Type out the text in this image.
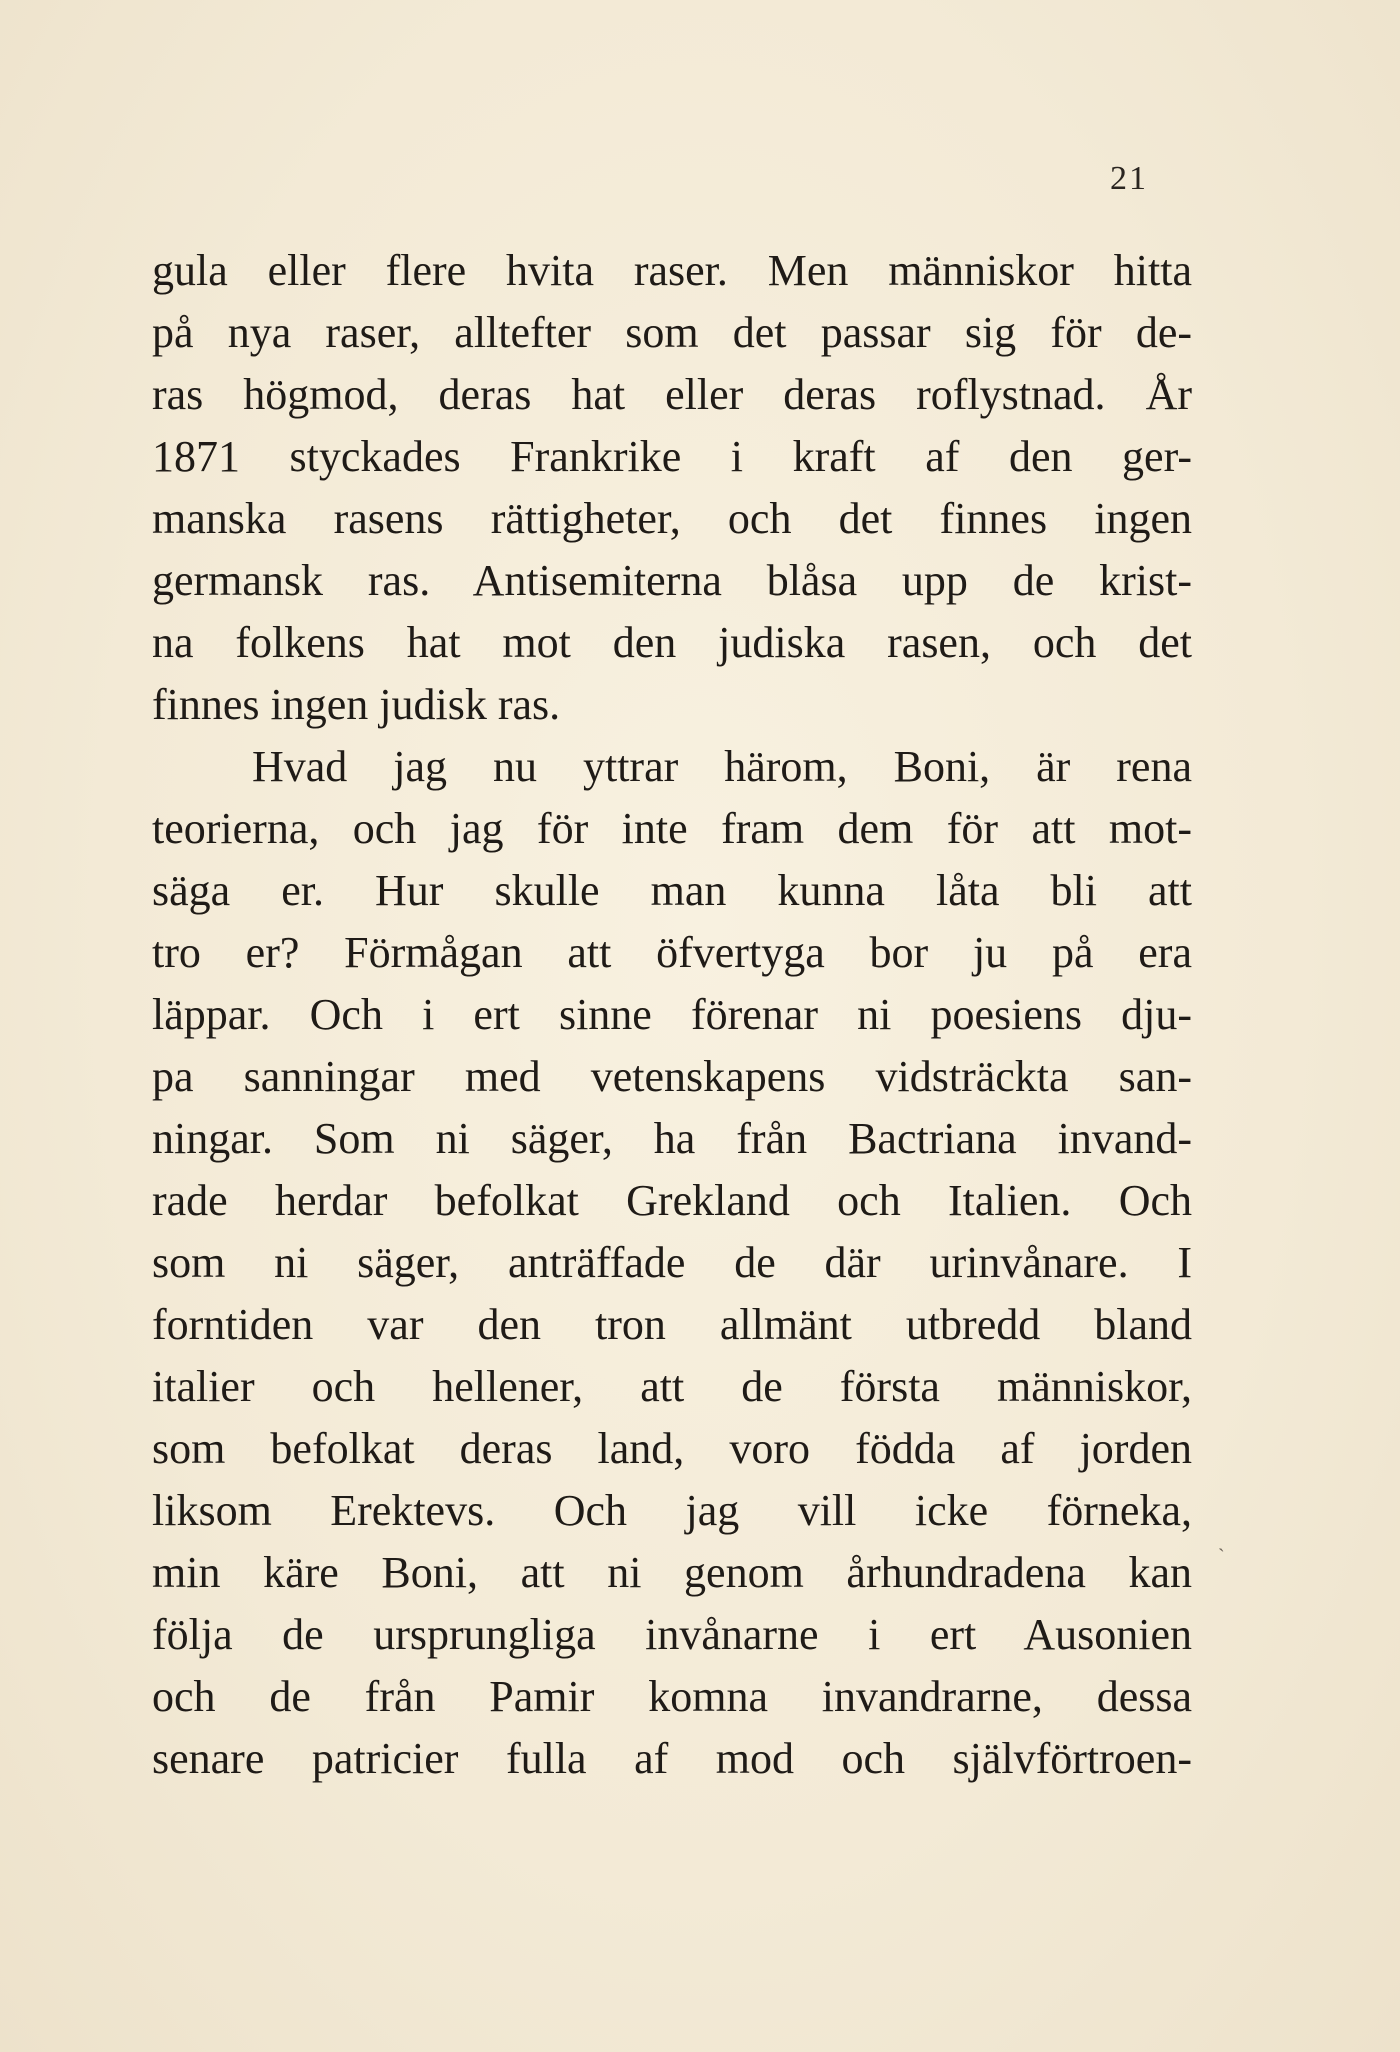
21
gula eller flere hvita raser. Men människor hitta
på nya raser, alltefter som det passar sig för de-
ras högmod, deras hat eller deras roflystnad. År
1871 styckades Frankrike i kraft af den ger-
manska rasens rättigheter, och det finnes ingen
germansk ras. Antisemiterna blåsa upp de krist-
na folkens hat mot den judiska rasen, och det
finnes ingen judisk ras.
Hvad jag nu yttrar härom, Boni, är rena
teorierna, och jag för inte fram dem för att mot-
säga er. Hur skulle man kunna låta bli att
tro er? Förmågan att öfvertyga bor ju på era
läppar. Och i ert sinne förenar ni poesiens dju-
pa sanningar med vetenskapens vidsträckta san-
ningar. Som ni säger, ha från Bactriana invand-
rade herdar befolkat Grekland och Italien. Och
som ni säger, anträffade de där urinvånare. I
forntiden var den tron allmänt utbredd bland
italier och hellener, att de första människor,
som befolkat deras land, voro födda af jorden
liksom Erektevs. Och jag vill icke förneka,
min käre Boni, att ni genom århundradena kan
följa de ursprungliga invånarne i ert Ausonien
och de från Pamir komna invandrarne, dessa
senare patricier fulla af mod och självförtroen-
ˎ
